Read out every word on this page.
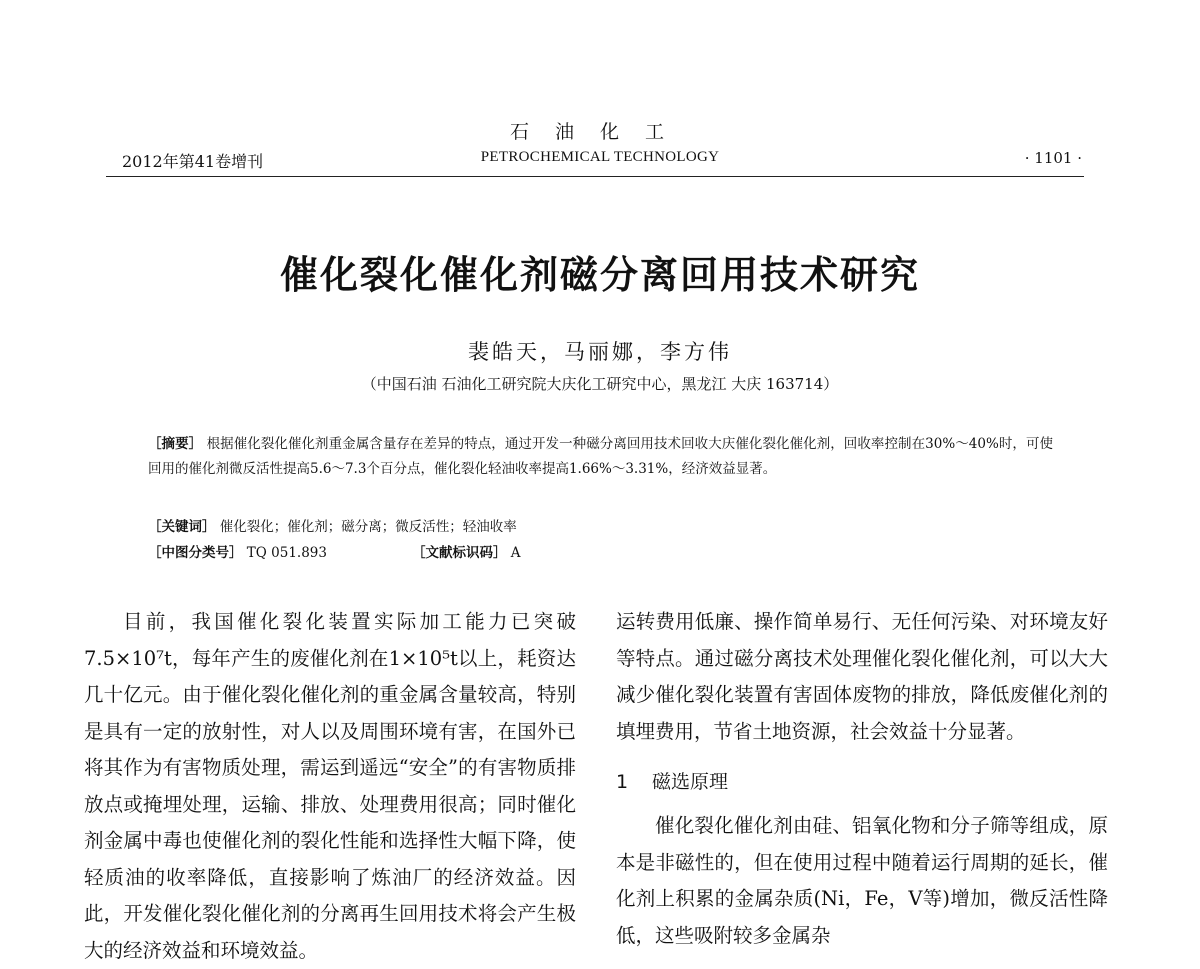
石油化工
2012年第41卷增刊	PETROCHEMICAL TECHNOLOGY	· 1101 ·
催化裂化催化剂磁分离回用技术研究
裴皓天，马丽娜，李方伟
（中国石油 石油化工研究院大庆化工研究中心，黑龙江 大庆 163714）
［摘要］ 根据催化裂化催化剂重金属含量存在差异的特点，通过开发一种磁分离回用技术回收大庆催化裂化催化剂，回收率控制在30%～40%时，可使回用的催化剂微反活性提高5.6～7.3个百分点，催化裂化轻油收率提高1.66%～3.31%，经济效益显著。
［关键词］ 催化裂化；催化剂；磁分离；微反活性；轻油收率
［中图分类号］ TQ 051.893	［文献标识码］ A

目前，我国催化裂化装置实际加工能力已突破7.5×10⁷t，每年产生的废催化剂在1×10⁵t以上，耗资达几十亿元。由于催化裂化催化剂的重金属含量较高，特别是具有一定的放射性，对人以及周围环境有害，在国外已将其作为有害物质处理，需运到遥远“安全”的有害物质排放点或掩埋处理，运输、排放、处理费用很高；同时催化剂金属中毒也使催化剂的裂化性能和选择性大幅下降，使轻质油的收率降低，直接影响了炼油厂的经济效益。因此，开发催化裂化催化剂的分离再生回用技术将会产生极大的经济效益和环境效益。

运转费用低廉、操作简单易行、无任何污染、对环境友好等特点。通过磁分离技术处理催化裂化催化剂，可以大大减少催化裂化装置有害固体废物的排放，降低废催化剂的填埋费用，节省土地资源，社会效益十分显著。

1 磁选原理

催化裂化催化剂由硅、铝氧化物和分子筛等组成，原本是非磁性的，但在使用过程中随着运行周期的延长，催化剂上积累的金属杂质(Ni，Fe，V等)增加，微反活性降低，这些吸附较多金属杂
